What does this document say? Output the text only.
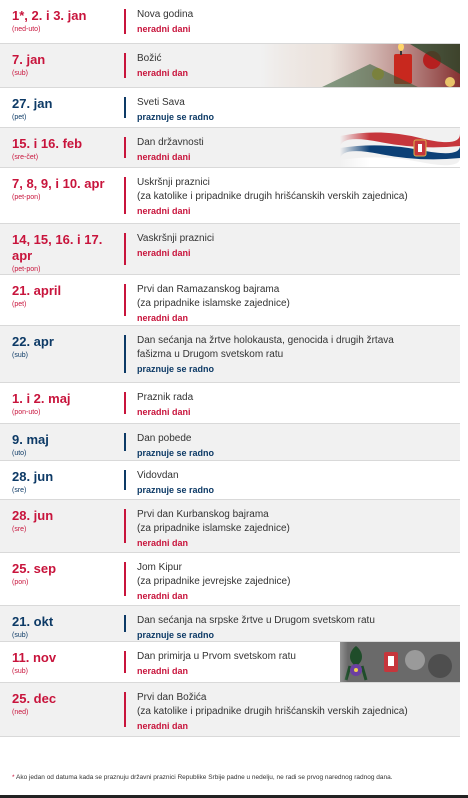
1*, 2. i 3. jan
(ned-uto)
Nova godina
neradni dani
7. jan
(sub)
Božić
neradni dan
27. jan
(pet)
Sveti Sava
praznuje se radno
15. i 16. feb
(sre-čet)
Dan državnosti
neradni dani
7, 8, 9, i 10. apr
(pet-pon)
Uskršnji praznici
(za katolike i pripadnike drugih hrišćanskih verskih zajednica)
neradni dani
14, 15, 16. i 17. apr
(pet-pon)
Vaskršnji praznici
neradni dani
21. april
(pet)
Prvi dan Ramazanskog bajrama
(za pripadnike islamske zajednice)
neradni dan
22. apr
(sub)
Dan sećanja na žrtve holokausta, genocida i drugih žrtava
fašizma u Drugom svetskom ratu
praznuje se radno
1. i 2. maj
(pon-uto)
Praznik rada
neradni dani
9. maj
(uto)
Dan pobede
praznuje se radno
28. jun
(sre)
Vidovdan
praznuje se radno
28. jun
(sre)
Prvi dan Kurbanskog bajrama
(za pripadnike islamske zajednice)
neradni dan
25. sep
(pon)
Jom Kipur
(za pripadnike jevrejske zajednice)
neradni dan
21. okt
(sub)
Dan sećanja na srpske žrtve u Drugom svetskom ratu
praznuje se radno
11. nov
(sub)
Dan primirja u Prvom svetskom ratu
neradni dan
25. dec
(ned)
Prvi dan Božića
(za katolike i pripadnike drugih hrišćanskih verskih zajednica)
neradni dan
* Ako jedan od datuma kada se praznuju državni praznici Republike Srbije padne u nedelju, ne radi se prvog narednog radnog dana.
